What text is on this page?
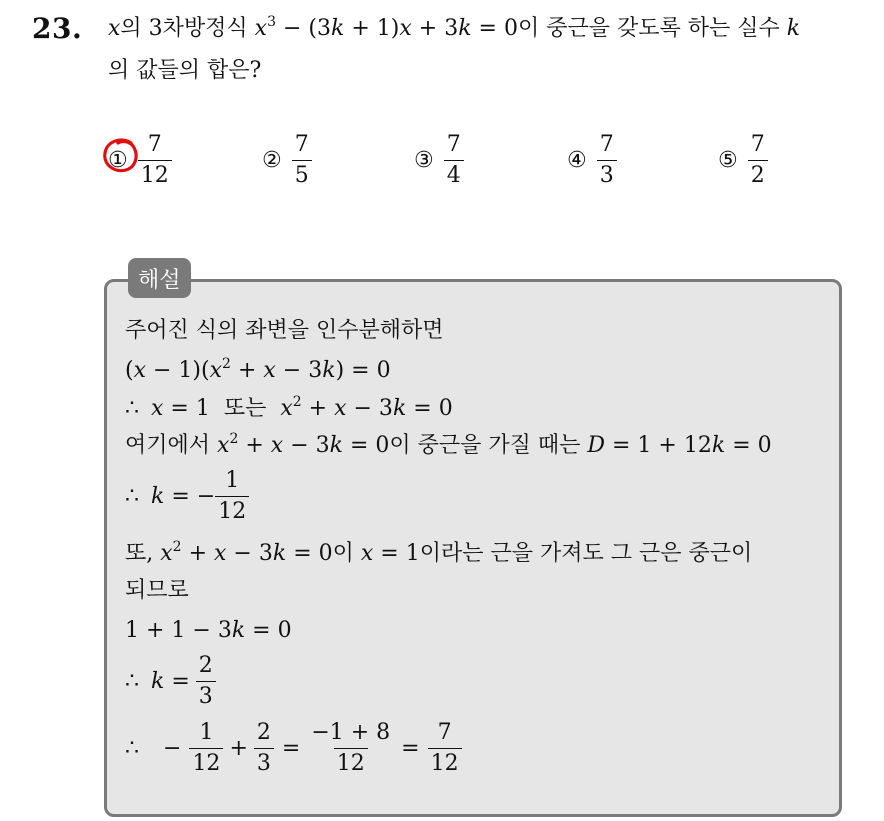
23. x의 3차방정식 $x^3 - (3k + 1)x + 3k = 0$이 중근을 갖도록 하는 실수 k
의 값들의 합은?
① $\frac{7}{12}$	② $\frac{7}{5}$	③ $\frac{7}{4}$	④ $\frac{7}{3}$	⑤ $\frac{7}{2}$
해설
주어진 식의 좌변을 인수분해하면
$(x - 1)(x^2 + x - 3k) = 0$
∴ x = 1  또는  $x^2 + x - 3k = 0$
여기에서 $x^2 + x - 3k = 0$이 중근을 가질 때는 D = 1 + 12k = 0
∴ k = − $\frac{1}{12}$
또, $x^2 + x - 3k = 0$이 x = 1이라는 근을 가져도 그 근은 중근이
되므로
1 + 1 − 3k = 0
∴ $k = \frac{2}{3}$
∴ − $\frac{1}{12} + \frac{2}{3} = \frac{-1 + 8}{12} = \frac{7}{12}$
